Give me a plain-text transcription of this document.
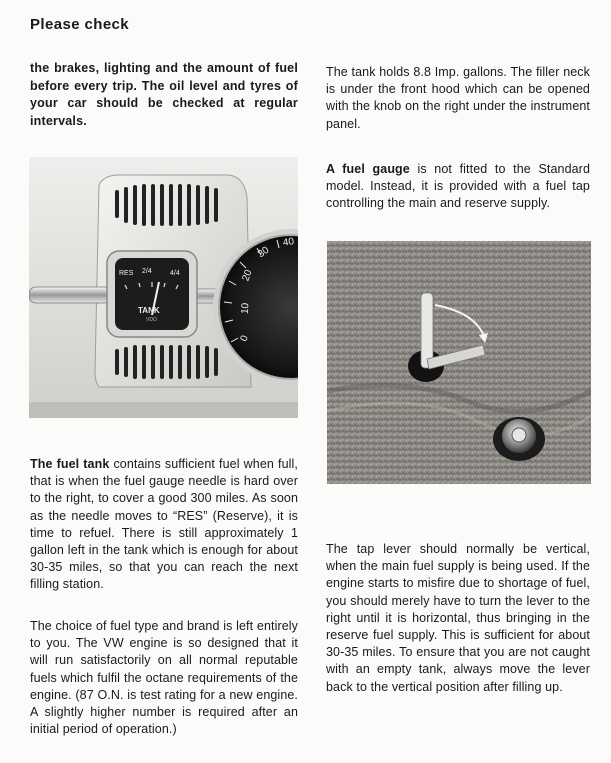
Please check
the brakes, lighting and the amount of fuel before every trip. The oil level and tyres of your car should be checked at regular intervals.
RES 2/4	4/4
TANK
VDO
0
10
20
30
40
The tank holds 8.8 Imp. gallons. The filler neck is under the front hood which can be opened with the knob on the right under the instrument panel.
A fuel gauge is not fitted to the Standard model. Instead, it is provided with a fuel tap controlling the main and reserve supply.
The fuel tank contains sufficient fuel when full, that is when the fuel gauge needle is hard over to the right, to cover a good 300 miles. As soon as the needle moves to “RES” (Reserve), it is time to refuel. There is still approximately 1 gallon left in the tank which is enough for about 30-35 miles, so that you can reach the next filling station.
The choice of fuel type and brand is left entirely to you. The VW engine is so designed that it will run satisfactorily on all normal reputable fuels which fulfil the octane requirements of the engine. (87 O.N. is test rating for a new engine. A slightly higher number is required after an initial period of operation.)
The tap lever should normally be vertical, when the main fuel supply is being used. If the engine starts to misfire due to shortage of fuel, you should merely have to turn the lever to the right until it is horizontal, thus bringing in the reserve fuel supply. This is sufficient for about 30-35 miles. To ensure that you are not caught with an empty tank, always move the lever back to the vertical position after filling up.
